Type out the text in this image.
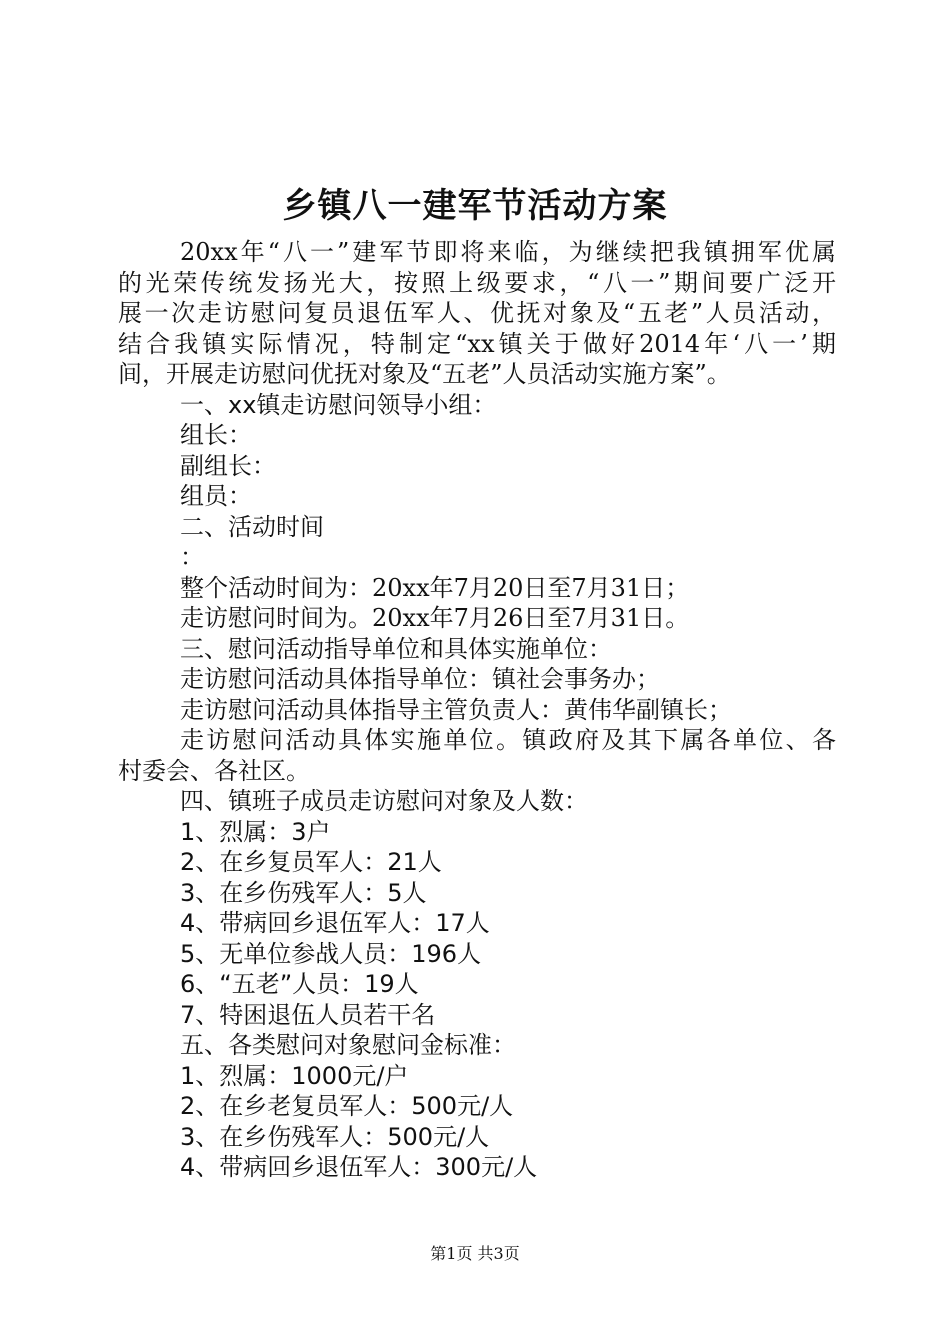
乡镇八一建军节活动方案
20xx年“八一”建军节即将来临，为继续把我镇拥军优属
的光荣传统发扬光大，按照上级要求，“八一”期间要广泛开
展一次走访慰问复员退伍军人、优抚对象及“五老”人员活动，
结合我镇实际情况，特制定“xx镇关于做好2014年‘八一’期
间，开展走访慰问优抚对象及“五老”人员活动实施方案”。
一、xx镇走访慰问领导小组：
组长：
副组长：
组员：
二、活动时间
：
整个活动时间为：20xx年7月20日至7月31日；
走访慰问时间为。20xx年7月26日至7月31日。
三、慰问活动指导单位和具体实施单位：
走访慰问活动具体指导单位：镇社会事务办；
走访慰问活动具体指导主管负责人：黄伟华副镇长；
走访慰问活动具体实施单位。镇政府及其下属各单位、各
村委会、各社区。
四、镇班子成员走访慰问对象及人数：
1、烈属：3户
2、在乡复员军人：21人
3、在乡伤残军人：5人
4、带病回乡退伍军人：17人
5、无单位参战人员：196人
6、“五老”人员：19人
7、特困退伍人员若干名
五、各类慰问对象慰问金标准：
1、烈属：1000元/户
2、在乡老复员军人：500元/人
3、在乡伤残军人：500元/人
4、带病回乡退伍军人：300元/人
第1页 共3页
